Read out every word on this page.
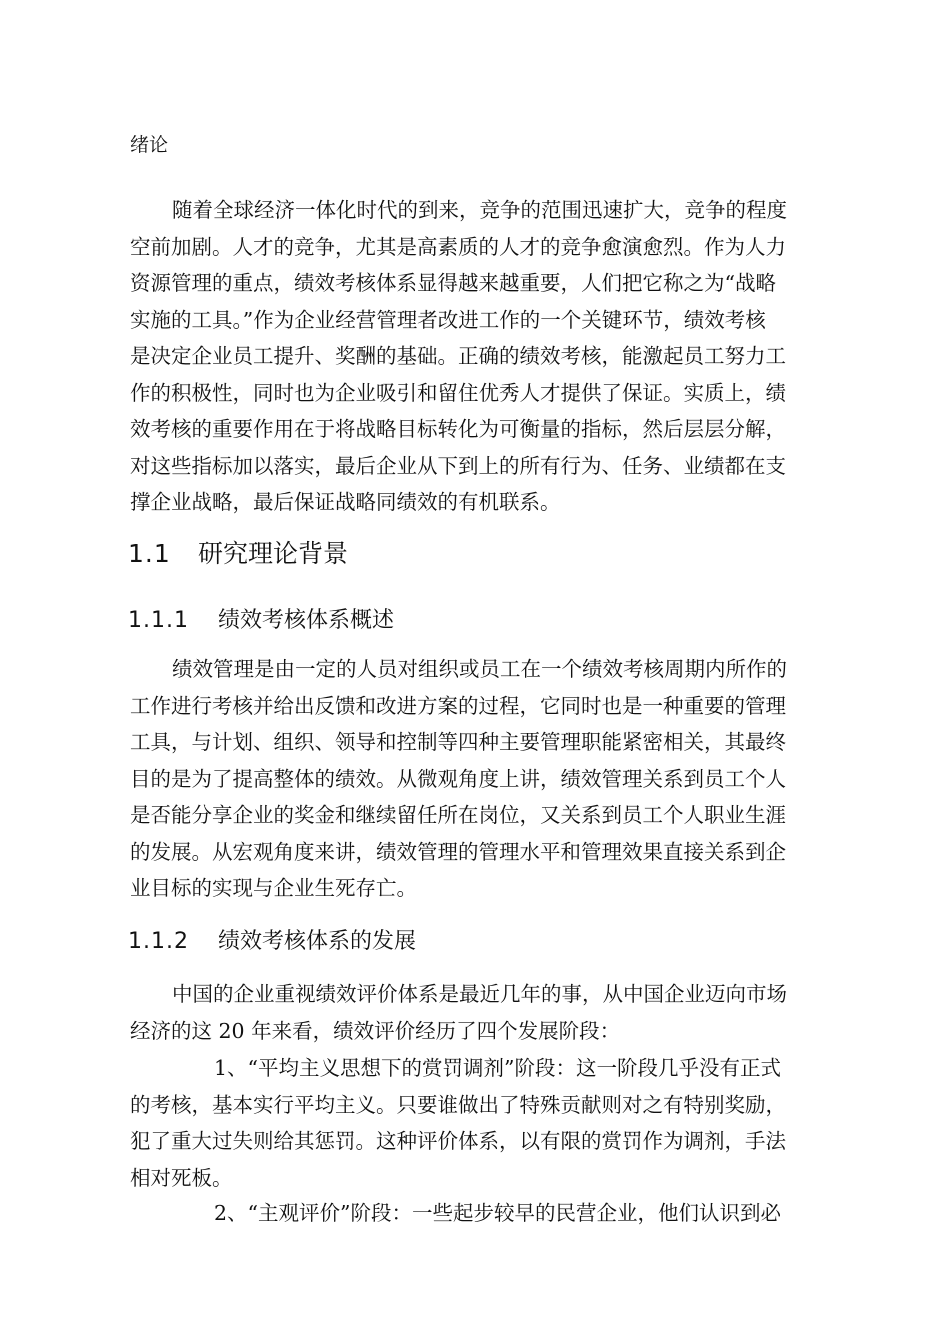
绪论

随着全球经济一体化时代的到来，竞争的范围迅速扩大，竞争的程度
空前加剧。人才的竞争，尤其是高素质的人才的竞争愈演愈烈。作为人力
资源管理的重点，绩效考核体系显得越来越重要，人们把它称之为“战略
实施的工具。”作为企业经营管理者改进工作的一个关键环节，绩效考核
是决定企业员工提升、奖酬的基础。正确的绩效考核，能激起员工努力工
作的积极性，同时也为企业吸引和留住优秀人才提供了保证。实质上，绩
效考核的重要作用在于将战略目标转化为可衡量的指标，然后层层分解，
对这些指标加以落实，最后企业从下到上的所有行为、任务、业绩都在支
撑企业战略，最后保证战略同绩效的有机联系。

1.1 研究理论背景
1.1.1 绩效考核体系概述

绩效管理是由一定的人员对组织或员工在一个绩效考核周期内所作的
工作进行考核并给出反馈和改进方案的过程，它同时也是一种重要的管理
工具，与计划、组织、领导和控制等四种主要管理职能紧密相关，其最终
目的是为了提高整体的绩效。从微观角度上讲，绩效管理关系到员工个人
是否能分享企业的奖金和继续留任所在岗位，又关系到员工个人职业生涯
的发展。从宏观角度来讲，绩效管理的管理水平和管理效果直接关系到企
业目标的实现与企业生死存亡。

1.1.2 绩效考核体系的发展

中国的企业重视绩效评价体系是最近几年的事，从中国企业迈向市场
经济的这 20 年来看，绩效评价经历了四个发展阶段：

1、“平均主义思想下的赏罚调剂”阶段：这一阶段几乎没有正式
的考核，基本实行平均主义。只要谁做出了特殊贡献则对之有特别奖励，
犯了重大过失则给其惩罚。这种评价体系，以有限的赏罚作为调剂，手法
相对死板。

2、“主观评价”阶段：一些起步较早的民营企业，他们认识到必
